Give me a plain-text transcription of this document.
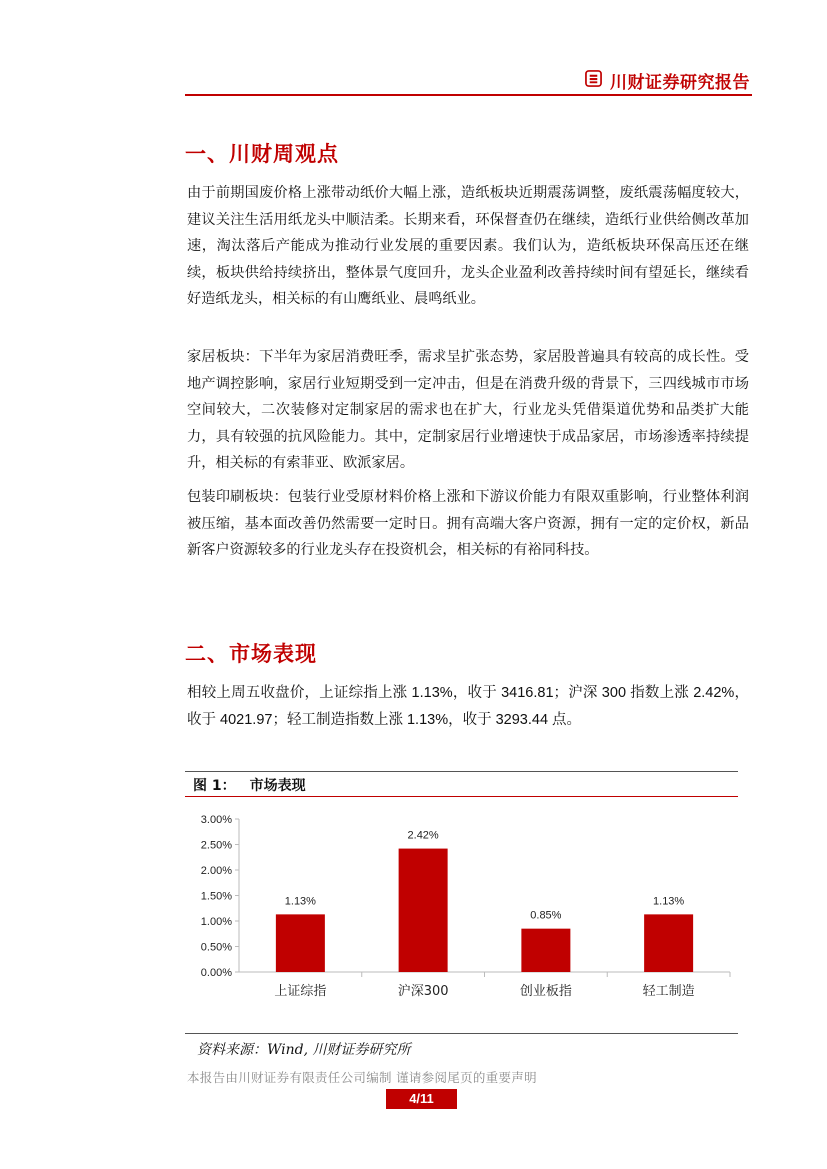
川财证券研究报告
一、川财周观点

由于前期国废价格上涨带动纸价大幅上涨，造纸板块近期震荡调整，废纸震荡幅度较大，建议关注生活用纸龙头中顺洁柔。长期来看，环保督查仍在继续，造纸行业供给侧改革加速，淘汰落后产能成为推动行业发展的重要因素。我们认为，造纸板块环保高压还在继续，板块供给持续挤出，整体景气度回升，龙头企业盈利改善持续时间有望延长，继续看好造纸龙头，相关标的有山鹰纸业、晨鸣纸业。

家居板块：下半年为家居消费旺季，需求呈扩张态势，家居股普遍具有较高的成长性。受地产调控影响，家居行业短期受到一定冲击，但是在消费升级的背景下，三四线城市市场空间较大，二次装修对定制家居的需求也在扩大，行业龙头凭借渠道优势和品类扩大能力，具有较强的抗风险能力。其中，定制家居行业增速快于成品家居，市场渗透率持续提升，相关标的有索菲亚、欧派家居。

包装印刷板块：包装行业受原材料价格上涨和下游议价能力有限双重影响，行业整体利润被压缩，基本面改善仍然需要一定时日。拥有高端大客户资源，拥有一定的定价权，新品新客户资源较多的行业龙头存在投资机会，相关标的有裕同科技。

二、市场表现

相较上周五收盘价，上证综指上涨 1.13%，收于 3416.81；沪深 300 指数上涨 2.42%，收于 4021.97；轻工制造指数上涨 1.13%，收于 3293.44 点。

图 1： 市场表现
0.00%
0.50%
1.00%
1.50%
2.00%
2.50%
3.00%
1.13%
上证综指
2.42%
沪深300
0.85%
创业板指
1.13%
轻工制造
资料来源：Wind, 川财证券研究所
本报告由川财证券有限责任公司编制 谨请参阅尾页的重要声明
4/11
